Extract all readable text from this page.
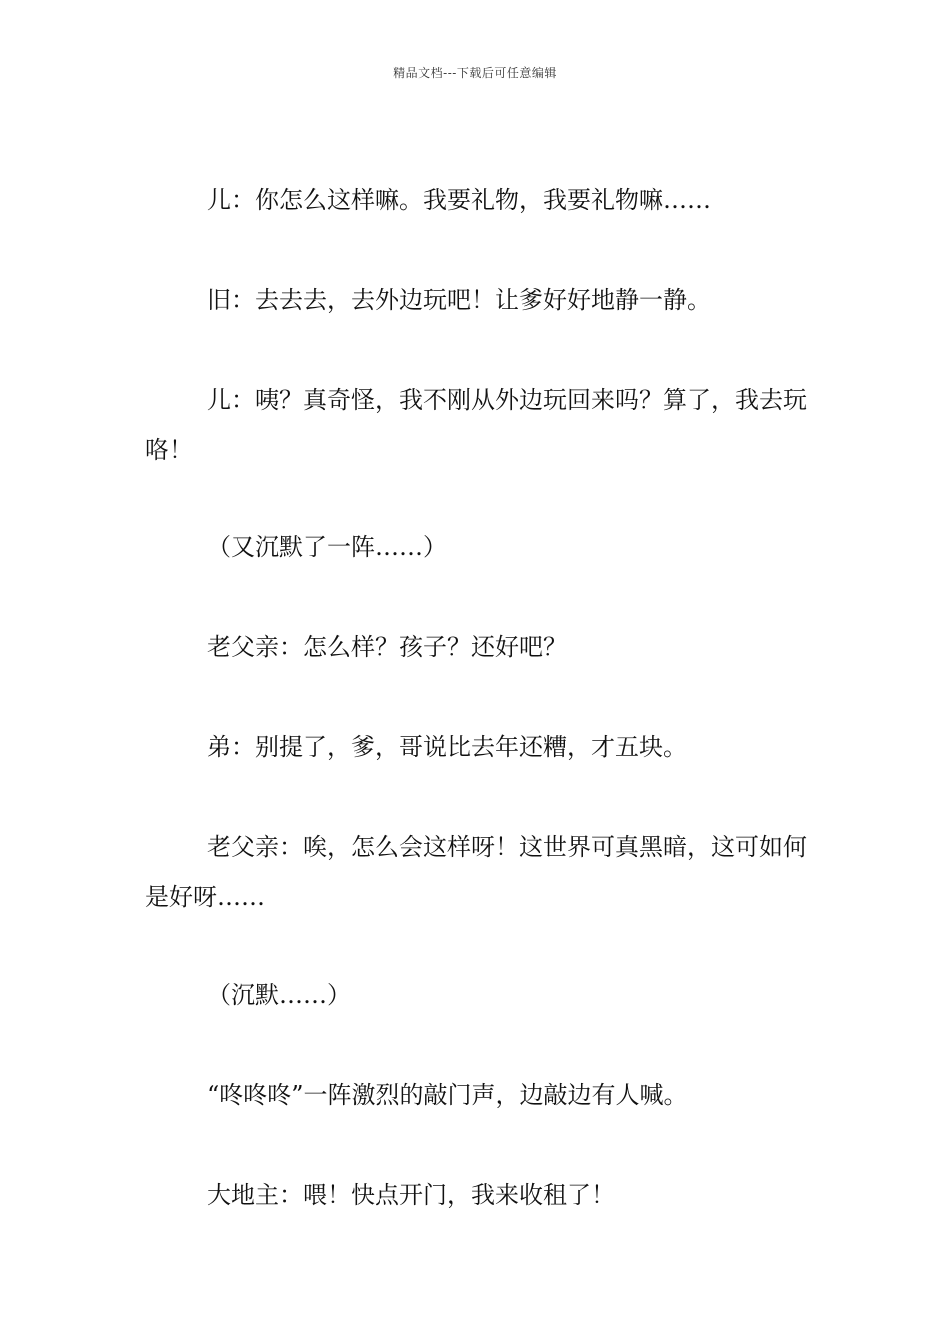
精品文档---下载后可任意编辑

儿：你怎么这样嘛。我要礼物，我要礼物嘛……

旧：去去去，去外边玩吧！让爹好好地静一静。

儿：咦？真奇怪，我不刚从外边玩回来吗？算了，我去玩咯！

（又沉默了一阵……）

老父亲：怎么样？孩子？还好吧？

弟：别提了，爹，哥说比去年还糟，才五块。

老父亲：唉，怎么会这样呀！这世界可真黑暗，这可如何是好呀……

（沉默……）

“咚咚咚”一阵激烈的敲门声，边敲边有人喊。

大地主：喂！快点开门，我来收租了！
